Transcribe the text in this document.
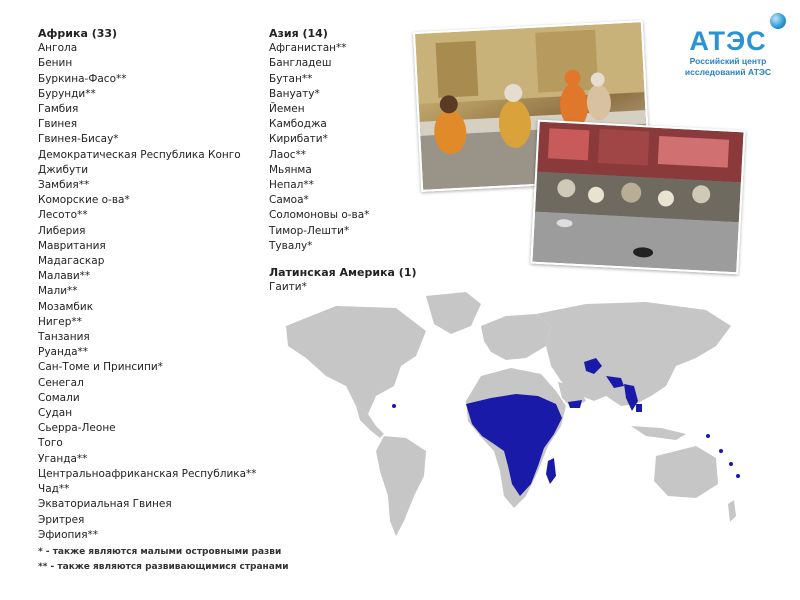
Африка (33)
Ангола
Бенин
Буркина-Фасо**
Бурунди**
Гамбия
Гвинея
Гвинея-Бисау*
Демократическая Республика Конго
Джибути
Замбия**
Коморские о-ва*
Лесото**
Либерия
Мавритания
Мадагаскар
Малави**
Мали**
Мозамбик
Нигер**
Танзания
Руанда**
Сан-Томе и Принсипи*
Сенегал
Сомали
Судан
Сьерра-Леоне
Того
Уганда**
Центральноафриканская Республика**
Чад**
Экваториальная Гвинея
Эритрея
Эфиопия**
Азия (14)
Афганистан**
Бангладеш
Бутан**
Вануату*
Йемен
Камбоджа
Кирибати*
Лаос**
Мьянма
Непал**
Самоа*
Соломоновы о-ва*
Тимор-Лешти*
Тувалу*
Латинская Америка (1)
Гаити*
* - также являются малыми островными разви
** - также являются развивающимися странами
АТЭС
Российский центр
исследований АТЭС
